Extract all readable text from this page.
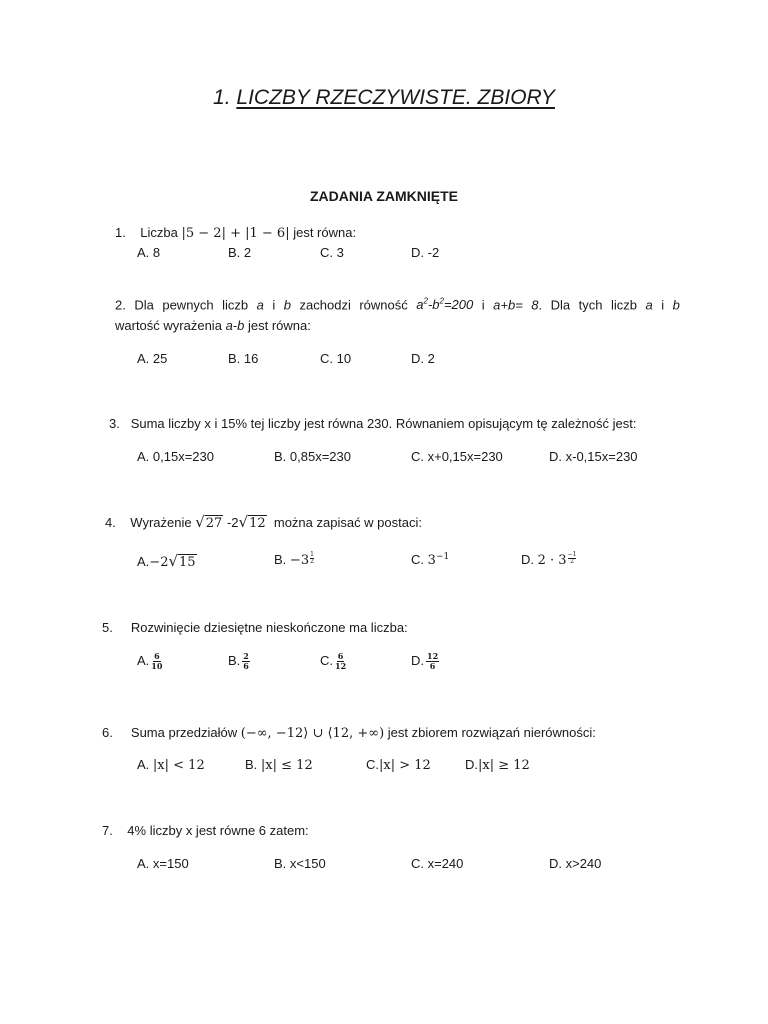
1. LICZBY RZECZYWISTE. ZBIORY
ZADANIA ZAMKNIĘTE
1. Liczba |5 − 2| + |1 − 6| jest równa:
A. 8	B. 2	C. 3	D. -2
2. Dla pewnych liczb a i b zachodzi równość $a^2-b^2=200$ i a+b= 8. Dla tych liczb a i b
wartość wyrażenia a-b jest równa:
A. 25	B. 16	C. 10	D. 2
3. Suma liczby x i 15% tej liczby jest równa 230. Równaniem opisującym tę zależność jest:
A. 0,15x=230	B. 0,85x=230	C. x+0,15x=230	D. x-0,15x=230
4. Wyrażenie √ 27 -2 √ 12 można zapisać w postaci:
A.−2 √ 15	B. $-3 \frac{1}{2}$	C. $3^{-1}$	D. $2 \cdot 3 \frac{-1}{2}$
5. Rozwinięcie dziesiętne nieskończone ma liczba:
A. $\frac{6}{10}$	B. $\frac{2}{6}$	C. $\frac{6}{12}$	D. $\frac{12}{6}$
6. Suma przedziałów (−∞, −12⟩ ∪ ⟨12, +∞) jest zbiorem rozwiązań nierówności:
A. |x| < 12	B. |x| ≤ 12	C.|x| > 12	D.|x| ≥ 12
7. 4% liczby x jest równe 6 zatem:
A. x=150	B. x<150	C. x=240	D. x>240
